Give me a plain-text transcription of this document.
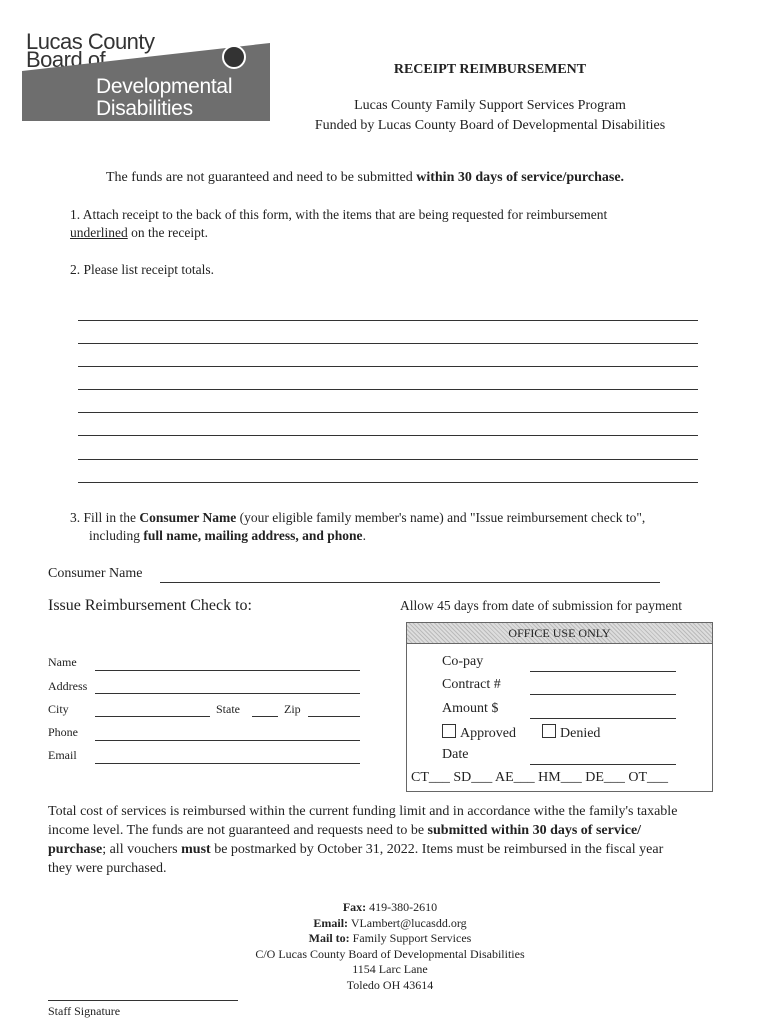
Lucas County
Board of
Developmental
Disabilities
RECEIPT REIMBURSEMENT
Lucas County Family Support Services Program
Funded by Lucas County Board of Developmental Disabilities
The funds are not guaranteed and need to be submitted within 30 days of service/purchase.
1. Attach receipt to the back of this form, with the items that are being requested for reimbursement
underlined on the receipt.
2. Please list receipt totals.
3. Fill in the Consumer Name (your eligible family member's name) and "Issue reimbursement check to",
including full name, mailing address, and phone.
Consumer Name
Issue Reimbursement Check to:	Allow 45 days from date of submission for payment
Name
Address
City	State	Zip
Phone
Email
OFFICE USE ONLY
Co-pay
Contract #
Amount $
Approved	Denied
Date
CT___ SD___ AE___ HM___ DE___ OT___
Total cost of services is reimbursed within the current funding limit and in accordance withe the family's taxable
income level. The funds are not guaranteed and requests need to be submitted within 30 days of service/
purchase; all vouchers must be postmarked by October 31, 2022. Items must be reimbursed in the fiscal year
they were purchased.
Fax: 419-380-2610
Email: VLambert@lucasdd.org
Mail to: Family Support Services
C/O Lucas County Board of Developmental Disabilities
1154 Larc Lane
Toledo OH 43614
Staff Signature
